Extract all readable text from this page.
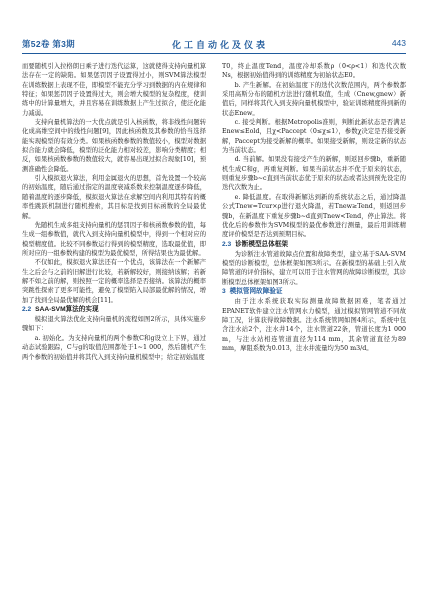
第52卷 第3期	化工自动化及仪表	443

而要随机引入拉格朗日乘子进行迭代运算，这就使得支持向量机算法存在一定的缺陷。如果惩罚因子设置得过小，则SVM算法模型在训练数据上表现不佳，即模型不能充分学习到数据的内在规律和特征；如果惩罚因子设置得过大，则会增大模型的复杂程度，使训练中的计算量增大，并且容易在训练数据上产生过拟合，使泛化能力减弱。

支持向量机算法的一大优点就是引入核函数，将非线性问题转化成高维空间中的线性问题[9]，因此核函数及其参数的恰当选择能实现模型的有效分类。如果核函数参数的数值较小，模型对数据拟合能力就会降低，模型的泛化能力相对较差，影响分类精度；相反，如果核函数参数的数值较大，就容易出现过拟合现象[10]，预测准确性会降低。

引入模拟退火算法，利用金属退火的思想，首先设置一个较高的初始温度，随后通过指定的温度衰减系数来控制温度逐步降低，随着温度的逐步降低，模拟退火算法在求解空间内利用其特有的概率性跳跃机制进行随机搜索，其目标是找到目标函数的全局最优解。

先随机生成多组支持向量机的惩罚因子和核函数参数的值，每生成一组参数值，就代入到支持向量机模型中，得到一个相对应的模型精度值。比较不同参数运行得到的模型精度，选取最优值，即所对应的一组参数构建的模型为最优模型，所得结果也为最优解。

不仅如此，模拟退火算法还有一个优点，该算法在一个新解产生之后会与之前的旧解进行比较，若新解较好，则接纳该解；若新解不如之前的解，则按照一定的概率选择是否接纳。该算法的概率突跳性探索了更多可能性，避免了模型陷入局部最优解的情况，增加了找到全局最优解的机会[11]。

2.2 SAA-SVM算法的实现

模拟退火算法优化支持向量机的流程如图2所示，具体实施步骤如下：

a. 初始化。为支持向量机的两个参数C和g设立上下界，通过动态试验跟踪，C与g的取值范围都处于1~1 000，然后随机产生两个参数的初始值并将其代入到支持向量机模型中；给定初始温度

T0，终止温度Tend，温度冷却系数ρ（0<ρ<1）和迭代次数Ns，根据初始值得到的训练精度为初始状态E0。

b. 产生新解。在初始温度下的迭代次数范围内，两个参数都采用高斯分布的随机方法进行随机取值，生成（Cnew,gnew）新值后，同样将其代入到支持向量机模型中，验证训练精度得到新的状态Enew。

c. 接受判断。根据Metropolis准则，判断此新状态是否满足Enew≤Eold，且χ<Paccept（0≤χ≤1），参数χ决定是否接受新解，Paccept为接受新解的概率。如果接受新解，则设定新的状态为当前状态。

d. 当前解。如果没有接受产生的新解，则返回步骤b，重新随机生成C和g，再重复判断。如果当前状态并不优于原来的状态，则重复步骤b~c直到当前状态优于原来的状态或者达到预先设定的迭代次数为止。

e. 降低温度。在取得新解达到新的系统状态之后，通过降温公式Tnew=Tcur×ρ进行退火降温，若Tnew≥Tend，则返回步骤b，在新温度下重复步骤b~d直到Tnew<Tend，停止算法。将优化后的参数作为SVM模型的最优参数进行测量，最后用训练精度评价模型是否达到预期目标。

2.3 诊断模型总体框架

为诊断注水管道故障点位置和故障类型，建立基于SAA-SVM模型的诊断模型，总体框架如图3所示。在新模型的基础上引入故障管道的评价指标，建立可以用于注水管网的故障诊断模型，其诊断模型总体框架如图3所示。

3 模拟管网故障验证

由于注水系统获取实际测量故障数据困难，笔者通过EPANET软件建立注水管网水力模型，通过模拟管网管道不同故障工况，计算获得故障数据。注水系统管网如图4所示，系统中包含注水站2个，注水井14个，注水管道22条，管道长度为1 000 m，与注水站相连管道直径为114 mm，其余管道直径为89 mm，摩阻系数为0.013，注水井流量均为50 m3/d。
